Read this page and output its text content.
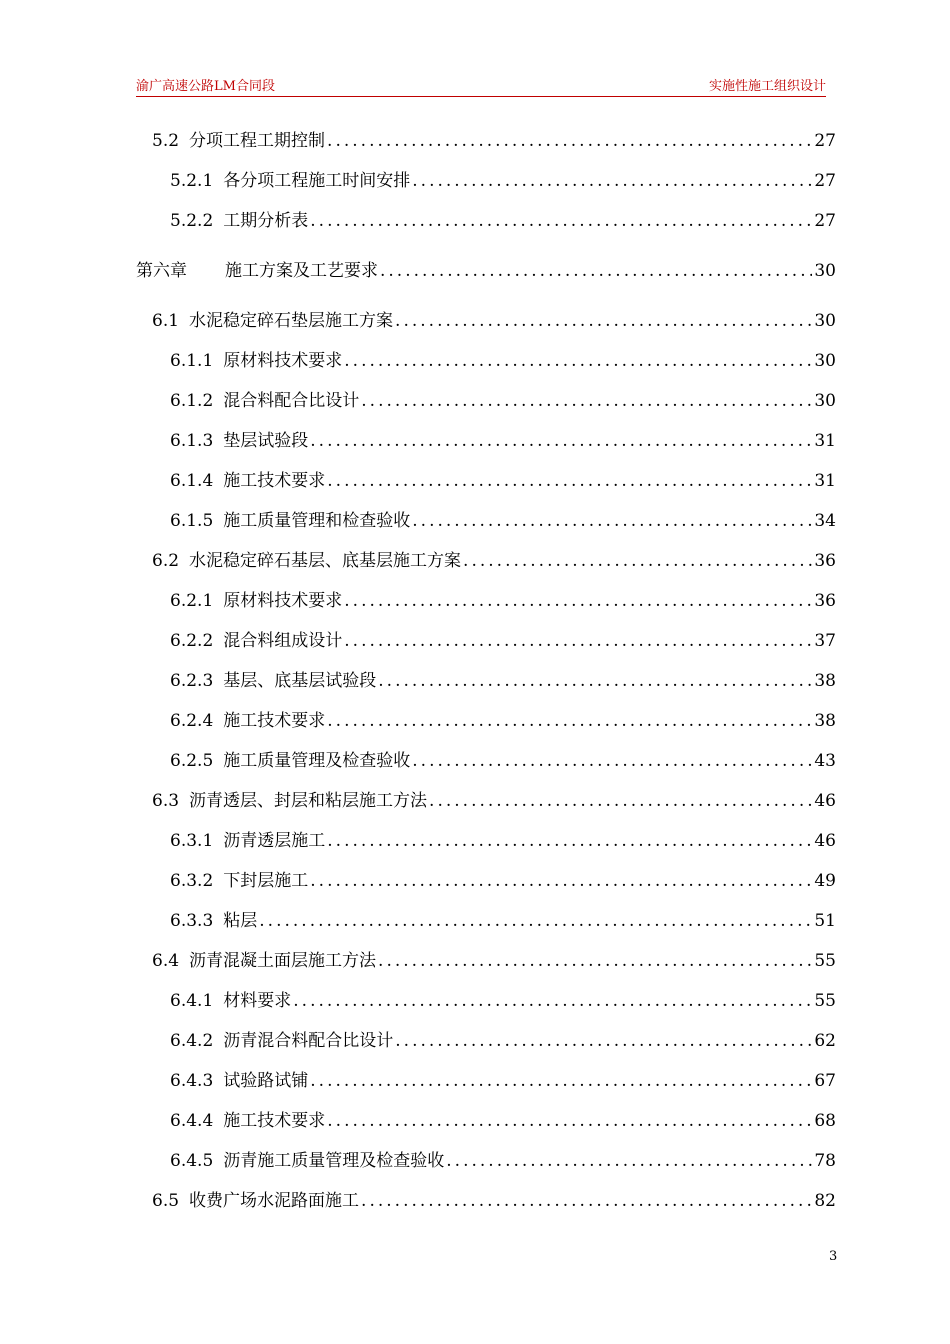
渝广高速公路LM合同段	实施性施工组织设计
5.2 分项工程工期控制 .....	27
5.2.1 各分项工程施工时间安排 .....	27
5.2.2 工期分析表 .....	27
第六章 施工方案及工艺要求 .....	30
6.1 水泥稳定碎石垫层施工方案 .....	30
6.1.1 原材料技术要求 .....	30
6.1.2 混合料配合比设计 .....	30
6.1.3 垫层试验段 .....	31
6.1.4 施工技术要求 .....	31
6.1.5 施工质量管理和检查验收 .....	34
6.2 水泥稳定碎石基层、底基层施工方案 .....	36
6.2.1 原材料技术要求 .....	36
6.2.2 混合料组成设计 .....	37
6.2.3 基层、底基层试验段 .....	38
6.2.4 施工技术要求 .....	38
6.2.5 施工质量管理及检查验收 .....	43
6.3 沥青透层、封层和粘层施工方法 .....	46
6.3.1 沥青透层施工 .....	46
6.3.2 下封层施工 .....	49
6.3.3 粘层 .....	51
6.4 沥青混凝土面层施工方法 .....	55
6.4.1 材料要求 .....	55
6.4.2 沥青混合料配合比设计 .....	62
6.4.3 试验路试铺 .....	67
6.4.4 施工技术要求 .....	68
6.4.5 沥青施工质量管理及检查验收 .....	78
6.5 收费广场水泥路面施工 .....	82
3
